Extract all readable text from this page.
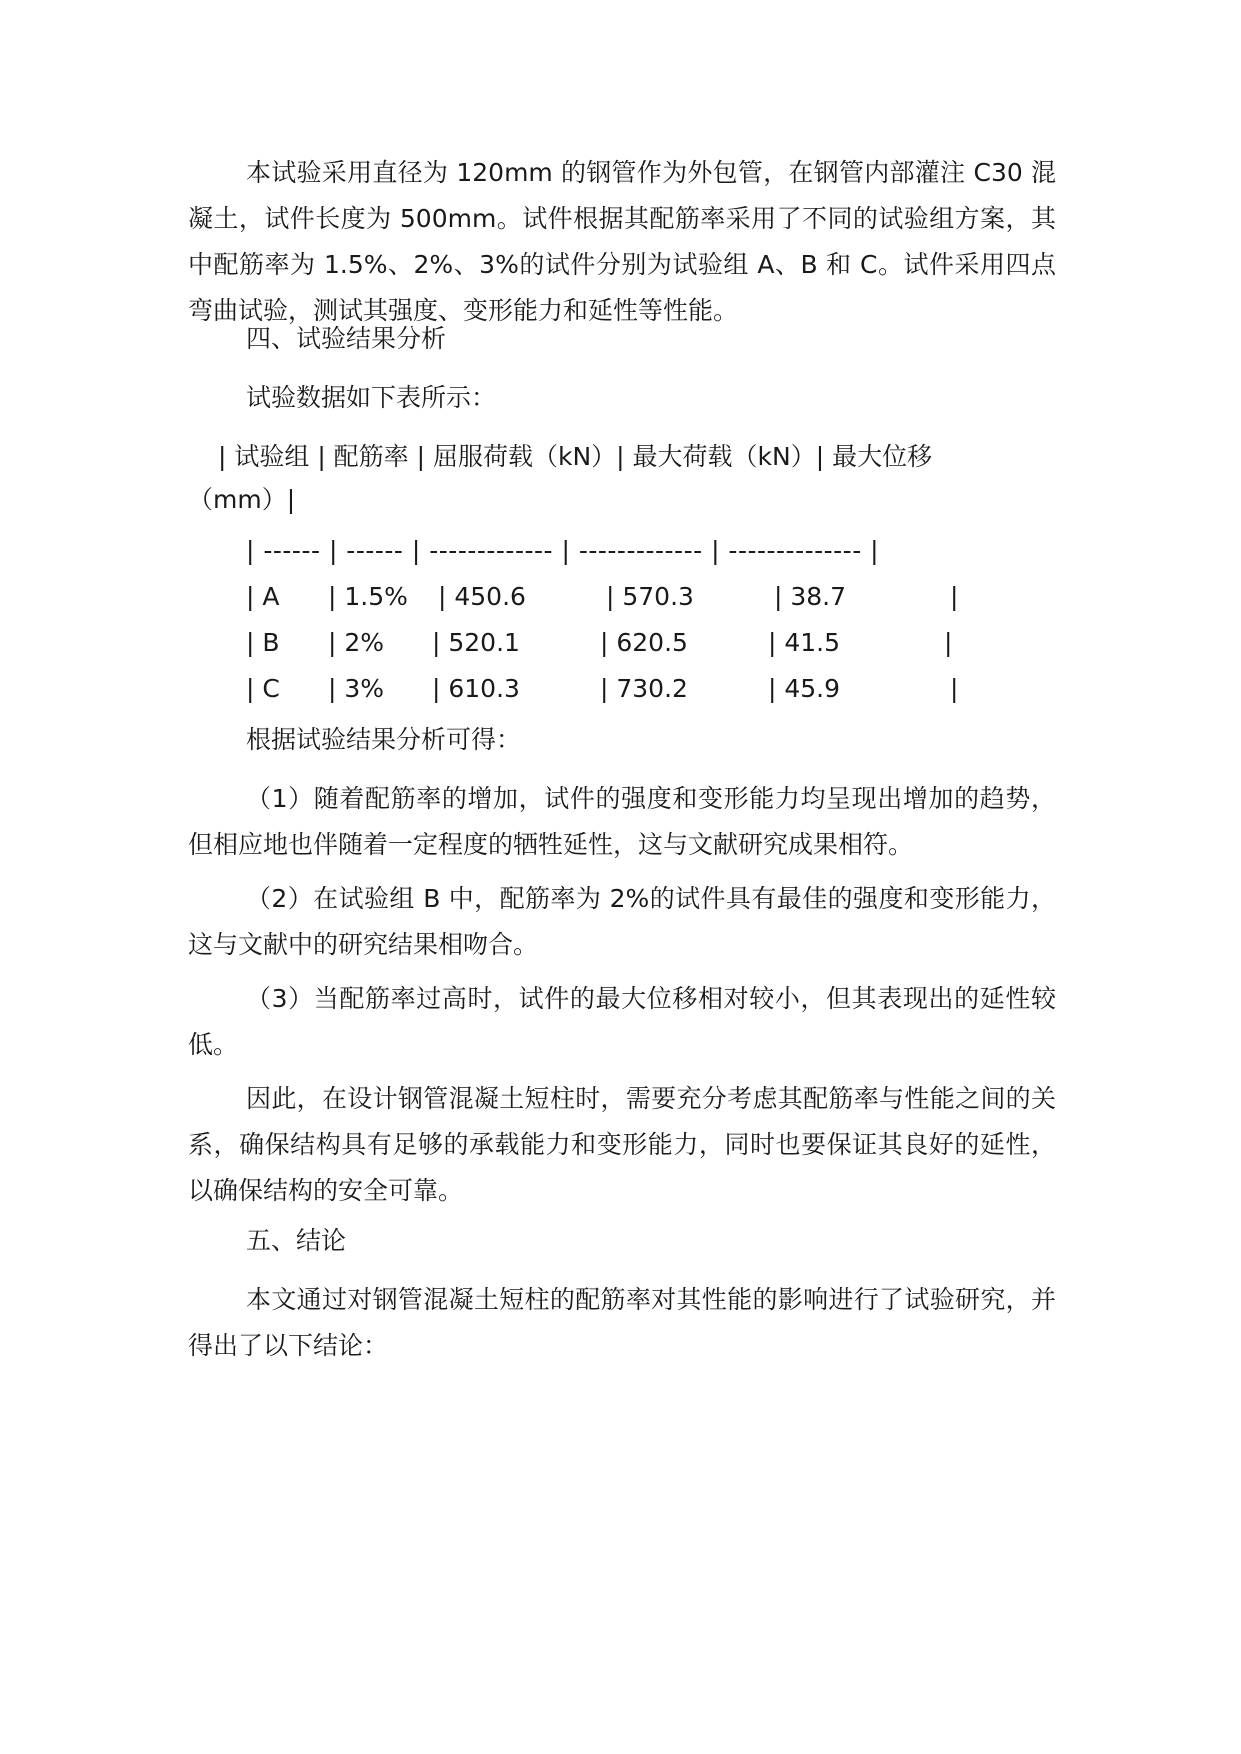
本试验采用直径为 120mm 的钢管作为外包管，在钢管内部灌注 C30 混凝土，试件长度为 500mm。试件根据其配筋率采用了不同的试验组方案，其中配筋率为 1.5%、2%、3%的试件分别为试验组 A、B 和 C。试件采用四点弯曲试验，测试其强度、变形能力和延性等性能。

四、试验结果分析

试验数据如下表所示：

| 试验组 | 配筋率 | 屈服荷载（kN）| 最大荷载（kN）| 最大位移

（mm）|

| ------ | ------ | ------------- | ------------- | -------------- |

| A | 1.5% | 450.6	| 570.3	| 38.7	|
| B | 2% | 520.1	| 620.5	| 41.5	|
| C | 3% | 610.3	| 730.2	| 45.9	|

根据试验结果分析可得：

（1）随着配筋率的增加，试件的强度和变形能力均呈现出增加的趋势，但相应地也伴随着一定程度的牺牲延性，这与文献研究成果相符。

（2）在试验组 B 中，配筋率为 2%的试件具有最佳的强度和变形能力，这与文献中的研究结果相吻合。

（3）当配筋率过高时，试件的最大位移相对较小，但其表现出的延性较低。

因此，在设计钢管混凝土短柱时，需要充分考虑其配筋率与性能之间的关系，确保结构具有足够的承载能力和变形能力，同时也要保证其良好的延性，以确保结构的安全可靠。

五、结论

本文通过对钢管混凝土短柱的配筋率对其性能的影响进行了试验研究，并得出了以下结论：
